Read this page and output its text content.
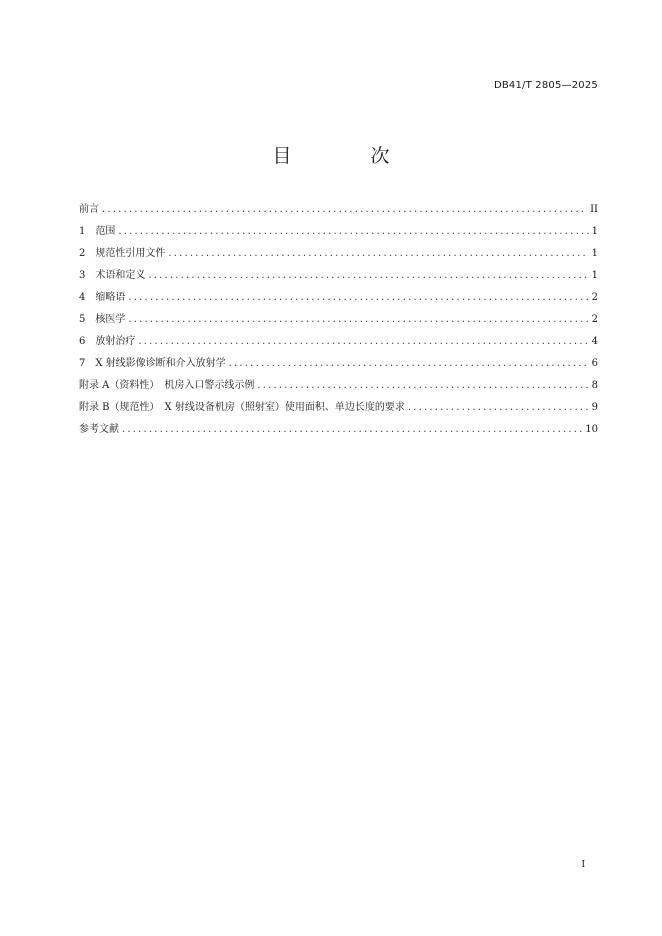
DB41/T 2805—2025
目　次
前言 .....	II
1　范围 .....	1
2　规范性引用文件 .....	1
3　术语和定义 .....	1
4　缩略语 .....	2
5　核医学 .....	2
6　放射治疗 .....	4
7　X 射线影像诊断和介入放射学 .....	6
附录 A（资料性）　机房入口警示线示例 .....	8
附录 B（规范性）　X 射线设备机房（照射室）使用面积、单边长度的要求 .....	9
参考文献 .....	10
I
